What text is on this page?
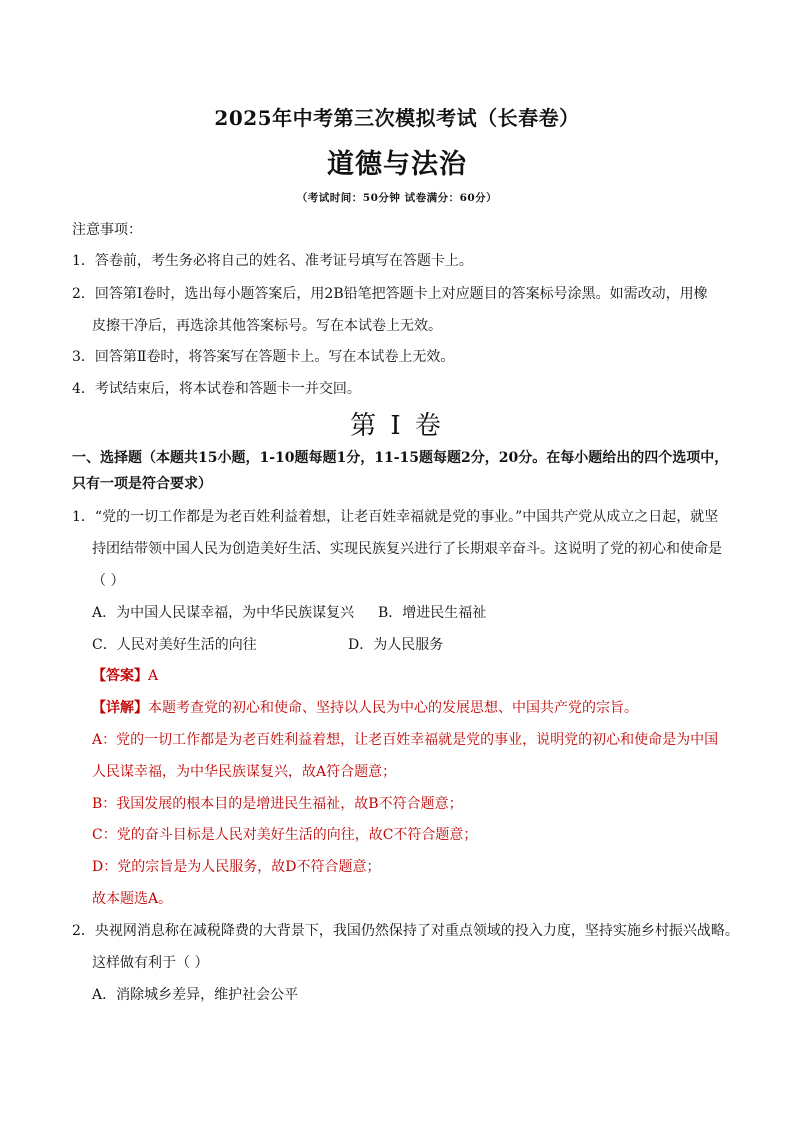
2025年中考第三次模拟考试（长春卷）
道德与法治
（考试时间：50分钟 试卷满分：60分）
注意事项：
1．答卷前，考生务必将自己的姓名、准考证号填写在答题卡上。
2．回答第Ⅰ卷时，选出每小题答案后，用2B铅笔把答题卡上对应题目的答案标号涂黑。如需改动，用橡
皮擦干净后，再选涂其他答案标号。写在本试卷上无效。
3．回答第Ⅱ卷时，将答案写在答题卡上。写在本试卷上无效。
4．考试结束后，将本试卷和答题卡一并交回。
第 I 卷
一、选择题（本题共15小题，1-10题每题1分，11-15题每题2分，20分。在每小题给出的四个选项中，
只有一项是符合要求）
1．“党的一切工作都是为老百姓利益着想，让老百姓幸福就是党的事业。”中国共产党从成立之日起，就坚
持团结带领中国人民为创造美好生活、实现民族复兴进行了长期艰辛奋斗。这说明了党的初心和使命是
（ ）
A．为中国人民谋幸福，为中华民族谋复兴 B．增进民生福祉
C．人民对美好生活的向往	D．为人民服务
【答案】A
【详解】本题考查党的初心和使命、坚持以人民为中心的发展思想、中国共产党的宗旨。
A：党的一切工作都是为老百姓利益着想，让老百姓幸福就是党的事业，说明党的初心和使命是为中国
人民谋幸福，为中华民族谋复兴，故A符合题意；
B：我国发展的根本目的是增进民生福祉，故B不符合题意；
C：党的奋斗目标是人民对美好生活的向往，故C不符合题意；
D：党的宗旨是为人民服务，故D不符合题意；
故本题选A。
2．央视网消息称在减税降费的大背景下，我国仍然保持了对重点领域的投入力度，坚持实施乡村振兴战略。
这样做有利于（ ）
A．消除城乡差异，维护社会公平
